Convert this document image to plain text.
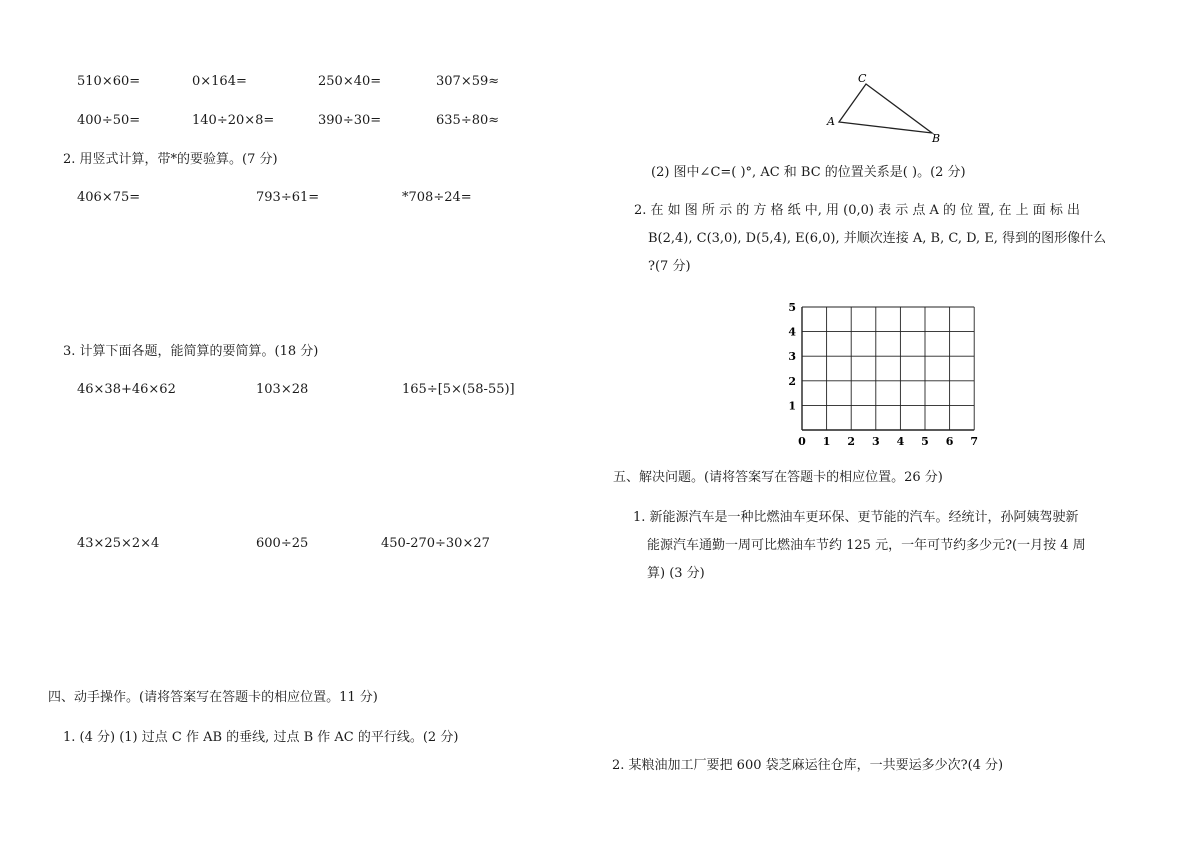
510×60=	0×164=	250×40=	307×59≈
400÷50=	140÷20×8=	390÷30=	635÷80≈
2. 用竖式计算，带*的要验算。(7 分)
406×75=	793÷61=	*708÷24=
3. 计算下面各题，能简算的要简算。(18 分)
46×38+46×62	103×28	165÷[5×(58-55)]
43×25×2×4	600÷25	450-270÷30×27
四、动手操作。(请将答案写在答题卡的相应位置。11 分)
1. (4 分) (1) 过点 C 作 AB 的垂线, 过点 B 作 AC 的平行线。(2 分)
C
A
B
(2) 图中∠C=( )°, AC 和 BC 的位置关系是( )。(2 分)
2. 在 如 图 所 示 的 方 格 纸 中, 用 (0,0) 表 示 点 A 的 位 置, 在 上 面 标 出
B(2,4), C(3,0), D(5,4), E(6,0), 并顺次连接 A, B, C, D, E, 得到的图形像什么
?(7 分)
0 1 2 3 4 5 6 7
1
2
3
4
5
五、解决问题。(请将答案写在答题卡的相应位置。26 分)
1. 新能源汽车是一种比燃油车更环保、更节能的汽车。经统计，孙阿姨驾驶新
能源汽车通勤一周可比燃油车节约 125 元，一年可节约多少元?(一月按 4 周
算) (3 分)
2. 某粮油加工厂要把 600 袋芝麻运往仓库，一共要运多少次?(4 分)
